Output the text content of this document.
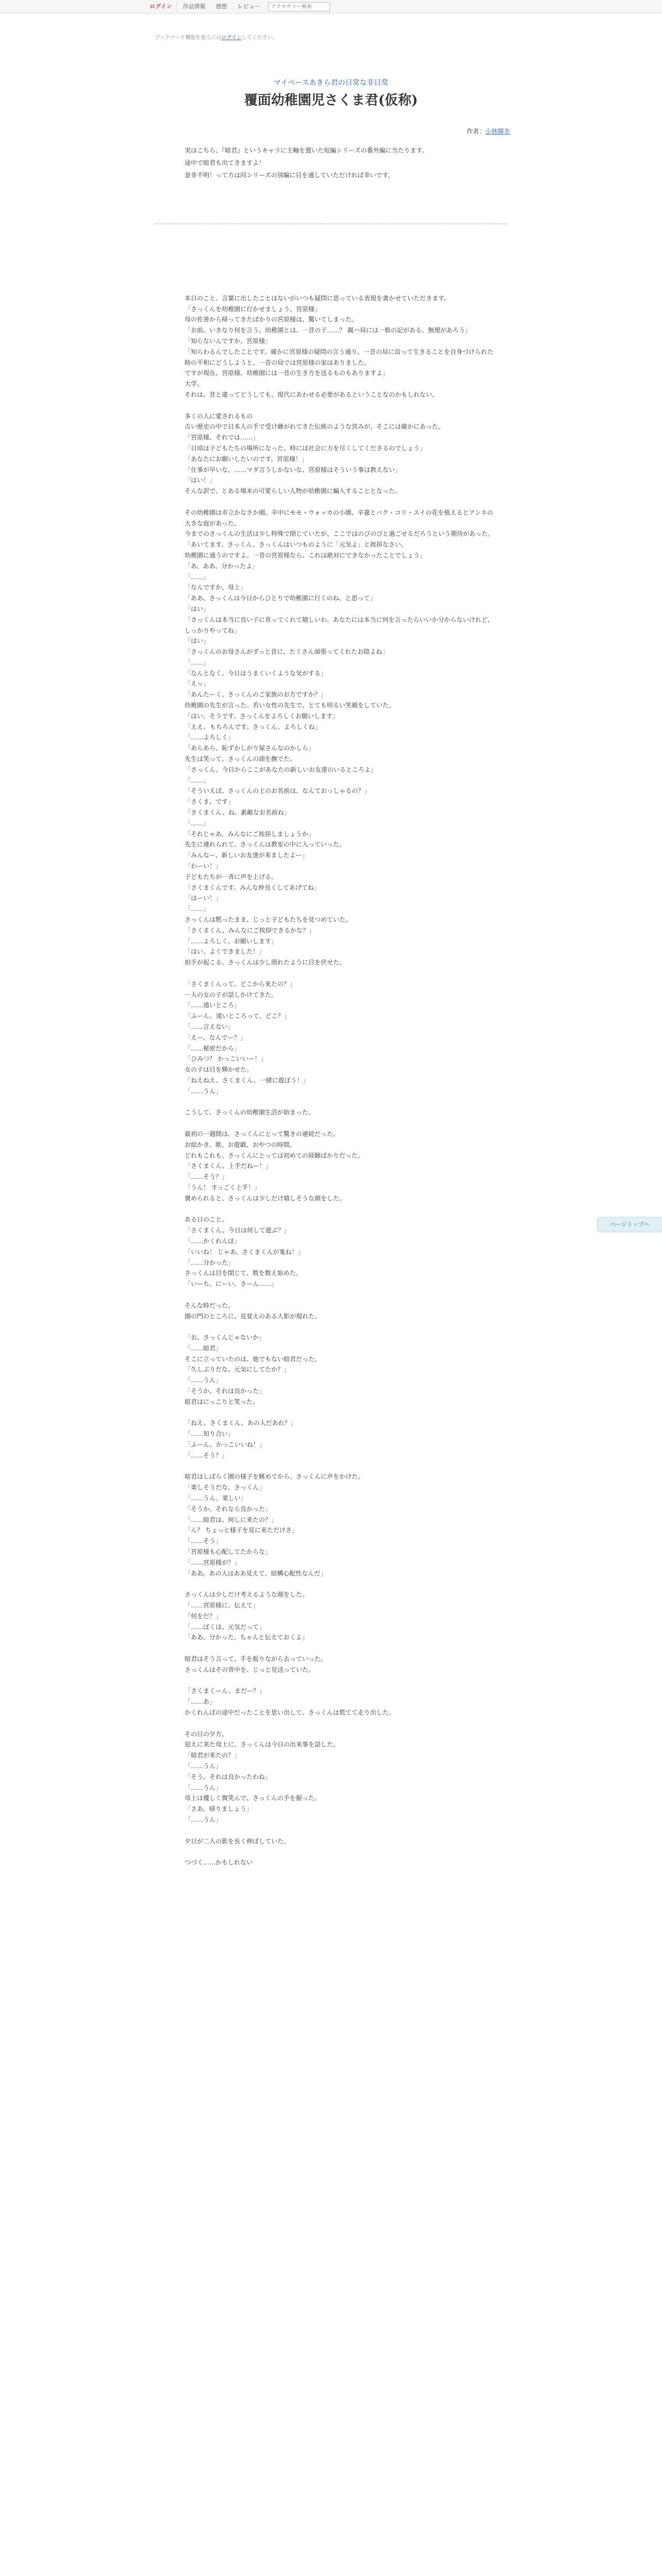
ログイン	作品情報	感想	レビュー
アクセサリー検索
ブックマーク機能を使うにはログインしてください。
マイペースあきら君の日常な非日常
覆面幼稚園児さくま君(仮称)
作者：小林輝幸
実はこちら、『暗君』というキャラに主軸を置いた短編シリーズの番外編に当たります。
途中で暗君も出てきますよ！
是非不明！って方は同シリーズの別編に目を通していただければ幸いです。

本日のこと、言葉に出したことはないがいつも疑問に思っている表現を書かせていただきます。

「さっくんを幼稚園に行かせましょう、宮原様」

母の佐善から帰ってきたばかりの宮原様は、驚いてしまった。

「お前、いきなり何を言う。幼稚園とは、一昔の子……？ 親ハ局には一般の記がある、無理があろう」

「知らないんですか、宮原様」

「知らわるんでしたことです。確かに宮原様の疑問の言う通り、一昔の局に沿って生きることを自身づけられた時の平和にどうしようと、一昔の局では宮原様の家はありました。

ですが現在、宮原様、幼稚園には一昔の生き方を送るものもありますよ」

大学。

それは、昔と違ってどうしても、現代にあわせる必要があるということなのかもしれない。

多くの人に愛されるもの

古い歴史の中で日本人の手で受け継がれてきた伝統のような営みが、そこには確かにあった。

「宮原様、それでは……」

「日頃は子どもたちの場所になった、時には社会に力を尽くしてくださるのでしょう」

「あなたにお願いしたいのです。宮原様！」

「仕事が早いな。……マダ言うしかないな、宮原様はそういう事は教えない」

「はい！」

そんな訳で、とある場末の可愛らしい人物が幼稚園に編入することとなった。

その幼稚園は市立かなさか園。辛中にモモ・ウォッカの小園、辛嘉とバク・コリ・スイの花を植えるとアンネの大きな庭があった。

今までのさっくんの生活は少し特殊で閉じていたが、ここではのびのびと過ごせるだろうという期待があった。

「あいてます。さっくん。さっくんはいつものように「元気よ」と挨拶なさい。

幼稚園に通うのですよ。一昔の宮原様なら、これは絶対にできなかったことでしょう」

「あ、ああ、分かったよ」

「……」

「なんですか、母上」

「ああ、さっくんは今日からひとりで幼稚園に行くのね、と思って」

「はい」

「さっくんは本当に良い子に育ってくれて嬉しいわ。あなたには本当に何を言ったらいいか分からないけれど、しっかりやってね」

「はい」

「さっくんのお母さんがずっと昔に、たくさん頑張ってくれたお陰よね」

「……」

「なんとなく、今日はうまくいくような気がする」

「えっ」

「あんたーく、さっくんのご家族のお方ですか？」

幼稚園の先生が言った。若い女性の先生で、とても明るい笑顔をしていた。

「はい、そうです。さっくんをよろしくお願いします」

「ええ、もちろんです。さっくん、よろしくね」

「……よろしく」

「あらあら、恥ずかしがり屋さんなのかしら」

先生は笑って、さっくんの頭を撫でた。

「さっくん、今日からここがあなたの新しいお友達のいるところよ」

「……」

「そういえば、さっくんの上のお名前は、なんておっしゃるの？」

「さくま、です」

「さくまくん、ね。素敵なお名前ね」

「……」

「それじゃあ、みんなにご挨拶しましょうか」

先生に連れられて、さっくんは教室の中に入っていった。

「みんなー、新しいお友達が来ましたよー」

「わーい！」

子どもたちが一斉に声を上げる。

「さくまくんです。みんな仲良くしてあげてね」

「はーい！」

「……」

さっくんは黙ったまま、じっと子どもたちを見つめていた。

「さくまくん、みんなにご挨拶できるかな？」

「……よろしく、お願いします」

「はい、よくできました！」

拍手が起こる。さっくんは少し照れたように目を伏せた。

「さくまくんって、どこから来たの？」

一人の女の子が話しかけてきた。

「……遠いところ」

「ふーん。遠いところって、どこ？」

「……言えない」

「えー、なんでー？」

「……秘密だから」

「ひみつ？ かっこいいー！」

女の子は目を輝かせた。

「ねえねえ、さくまくん、一緒に遊ぼう！」

「……うん」

こうして、さっくんの幼稚園生活が始まった。

最初の一週間は、さっくんにとって驚きの連続だった。

お絵かき、歌、お遊戯、おやつの時間。

どれもこれも、さっくんにとっては初めての経験ばかりだった。

「さくまくん、上手だねー！」

「……そう？」

「うん！ すっごく上手！」

褒められると、さっくんは少しだけ嬉しそうな顔をした。

ある日のこと。

「さくまくん、今日は何して遊ぶ？」

「……かくれんぼ」

「いいね！ じゃあ、さくまくんが鬼ね！」

「……分かった」

さっくんは目を閉じて、数を数え始めた。

「いーち、にーい、さーん……」

そんな時だった。

園の門のところに、見覚えのある人影が現れた。

「お、さっくんじゃないか」

「……暗君」

そこに立っていたのは、他でもない暗君だった。

「久しぶりだな。元気にしてたか？」

「……うん」

「そうか、それは良かった」

暗君はにっこりと笑った。

「ねえ、さくまくん、あの人だあれ？」

「……知り合い」

「ふーん。かっこいいね！」

「……そう？」

暗君はしばらく園の様子を眺めてから、さっくんに声をかけた。

「楽しそうだな、さっくん」

「……うん。楽しい」

「そうか。それなら良かった」

「……暗君は、何しに来たの？」

「ん？ ちょっと様子を見に来ただけさ」

「……そう」

「宮原様も心配してたからな」

「……宮原様が？」

「ああ。あの人はああ見えて、結構心配性なんだ」

さっくんは少しだけ考えるような顔をした。

「……宮原様に、伝えて」

「何をだ？」

「……ぼくは、元気だって」

「ああ、分かった。ちゃんと伝えておくよ」

暗君はそう言って、手を振りながら去っていった。

さっくんはその背中を、じっと見送っていた。

「さくまくーん、まだー？」

「……あ」

かくれんぼの途中だったことを思い出して、さっくんは慌てて走り出した。

その日の夕方。

迎えに来た母上に、さっくんは今日の出来事を話した。

「暗君が来たの？」

「……うん」

「そう。それは良かったわね」

「……うん」

母上は優しく微笑んで、さっくんの手を握った。

「さあ、帰りましょう」

「……うん」

夕日が二人の影を長く伸ばしていた。

つづく……かもしれない

ページトップへ
